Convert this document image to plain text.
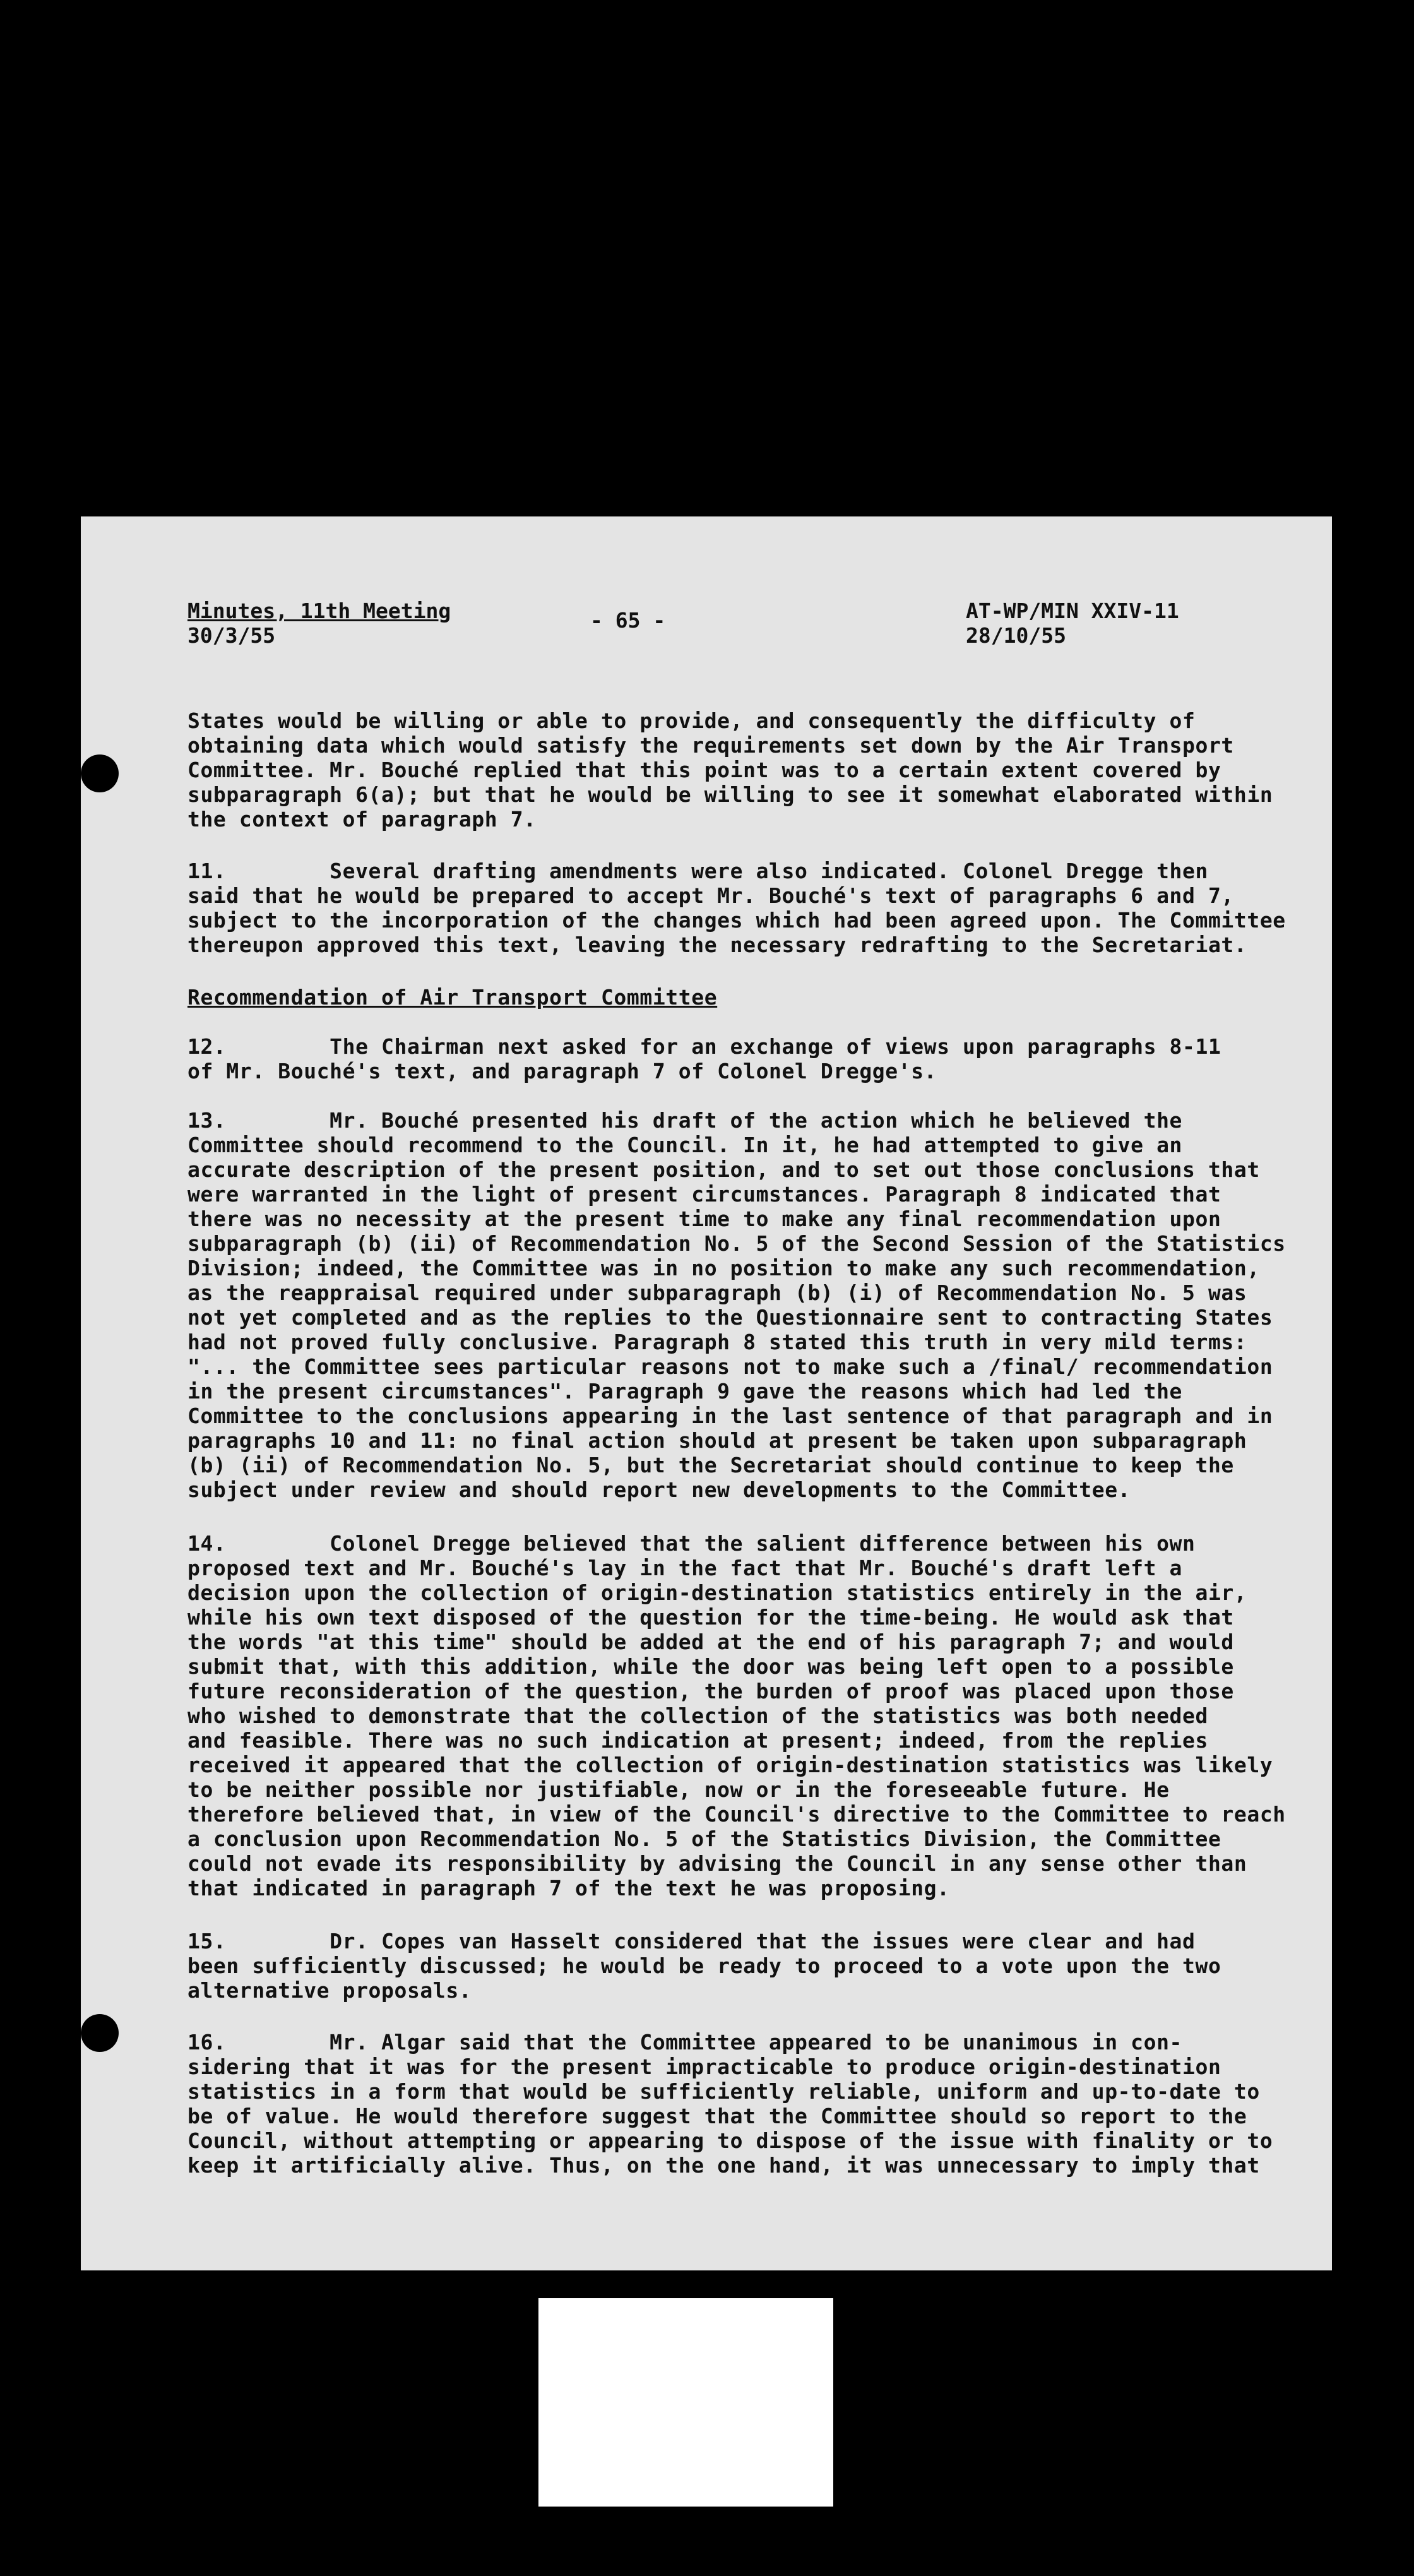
Minutes, 11th Meeting
30/3/55
- 65 -	AT-WP/MIN XXIV-11
28/10/55
States would be willing or able to provide, and consequently the difficulty of
obtaining data which would satisfy the requirements set down by the Air Transport
Committee. Mr. Bouché replied that this point was to a certain extent covered by
subparagraph 6(a); but that he would be willing to see it somewhat elaborated within
the context of paragraph 7.
11.        Several drafting amendments were also indicated. Colonel Dregge then
said that he would be prepared to accept Mr. Bouché's text of paragraphs 6 and 7,
subject to the incorporation of the changes which had been agreed upon. The Committee
thereupon approved this text, leaving the necessary redrafting to the Secretariat.
Recommendation of Air Transport Committee
12.        The Chairman next asked for an exchange of views upon paragraphs 8-11
of Mr. Bouché's text, and paragraph 7 of Colonel Dregge's.
13.        Mr. Bouché presented his draft of the action which he believed the
Committee should recommend to the Council. In it, he had attempted to give an
accurate description of the present position, and to set out those conclusions that
were warranted in the light of present circumstances. Paragraph 8 indicated that
there was no necessity at the present time to make any final recommendation upon
subparagraph (b) (ii) of Recommendation No. 5 of the Second Session of the Statistics
Division; indeed, the Committee was in no position to make any such recommendation,
as the reappraisal required under subparagraph (b) (i) of Recommendation No. 5 was
not yet completed and as the replies to the Questionnaire sent to contracting States
had not proved fully conclusive. Paragraph 8 stated this truth in very mild terms:
"... the Committee sees particular reasons not to make such a /final/ recommendation
in the present circumstances". Paragraph 9 gave the reasons which had led the
Committee to the conclusions appearing in the last sentence of that paragraph and in
paragraphs 10 and 11: no final action should at present be taken upon subparagraph
(b) (ii) of Recommendation No. 5, but the Secretariat should continue to keep the
subject under review and should report new developments to the Committee.
14.        Colonel Dregge believed that the salient difference between his own
proposed text and Mr. Bouché's lay in the fact that Mr. Bouché's draft left a
decision upon the collection of origin-destination statistics entirely in the air,
while his own text disposed of the question for the time-being. He would ask that
the words "at this time" should be added at the end of his paragraph 7; and would
submit that, with this addition, while the door was being left open to a possible
future reconsideration of the question, the burden of proof was placed upon those
who wished to demonstrate that the collection of the statistics was both needed
and feasible. There was no such indication at present; indeed, from the replies
received it appeared that the collection of origin-destination statistics was likely
to be neither possible nor justifiable, now or in the foreseeable future. He
therefore believed that, in view of the Council's directive to the Committee to reach
a conclusion upon Recommendation No. 5 of the Statistics Division, the Committee
could not evade its responsibility by advising the Council in any sense other than
that indicated in paragraph 7 of the text he was proposing.
15.        Dr. Copes van Hasselt considered that the issues were clear and had
been sufficiently discussed; he would be ready to proceed to a vote upon the two
alternative proposals.
16.        Mr. Algar said that the Committee appeared to be unanimous in con-
sidering that it was for the present impracticable to produce origin-destination
statistics in a form that would be sufficiently reliable, uniform and up-to-date to
be of value. He would therefore suggest that the Committee should so report to the
Council, without attempting or appearing to dispose of the issue with finality or to
keep it artificially alive. Thus, on the one hand, it was unnecessary to imply that
